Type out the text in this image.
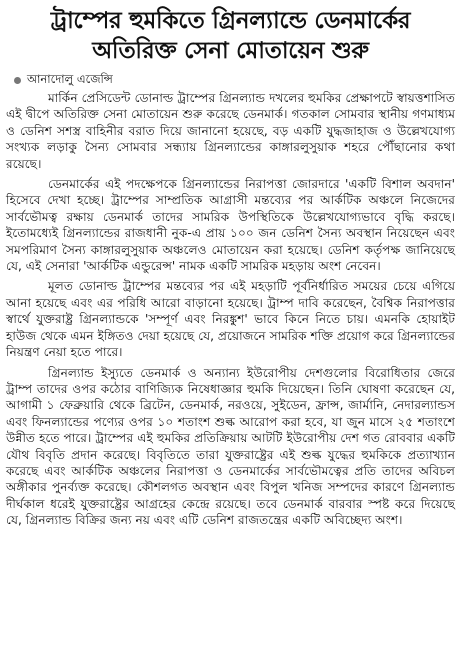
ট্রাম্পের হুমকিতে গ্রিনল্যান্ডে ডেনমার্কের
অতিরিক্ত সেনা মোতায়েন শুরু
আনাদোলু এজেন্সি

মার্কিন প্রেসিডেন্ট ডোনাল্ড ট্রাম্পের গ্রিনল্যান্ড দখলের হুমকির প্রেক্ষাপটে স্বায়ত্তশাসিত এই দ্বীপে অতিরিক্ত সেনা মোতায়েন শুরু করেছে ডেনমার্ক। গতকাল সোমবার স্থানীয় গণমাধ্যম ও ডেনিশ সশস্ত্র বাহিনীর বরাত দিয়ে জানানো হয়েছে, বড় একটি যুদ্ধজাহাজ ও উল্লেখযোগ্য সংখ্যক লড়াকু সৈন্য সোমবার সন্ধ্যায় গ্রিনল্যান্ডের কাঙ্গারলুসুয়াক শহরে পৌঁছানোর কথা রয়েছে।

ডেনমার্কের এই পদক্ষেপকে গ্রিনল্যান্ডের নিরাপত্তা জোরদারে 'একটি বিশাল অবদান' হিসেবে দেখা হচ্ছে। ট্রাম্পের সাম্প্রতিক আগ্রাসী মন্তব্যের পর আর্কটিক অঞ্চলে নিজেদের সার্বভৌমত্ব রক্ষায় ডেনমার্ক তাদের সামরিক উপস্থিতিকে উল্লেখযোগ্যভাবে বৃদ্ধি করছে। ইতোমধ্যেই গ্রিনল্যান্ডের রাজধানী নুক-এ প্রায় ১০০ জন ডেনিশ সৈন্য অবস্থান নিয়েছেন এবং সমপরিমাণ সৈন্য কাঙ্গারলুসুয়াক অঞ্চলেও মোতায়েন করা হয়েছে। ডেনিশ কর্তৃপক্ষ জানিয়েছে যে, এই সেনারা 'আর্কটিক এন্ডুরেন্স' নামক একটি সামরিক মহড়ায় অংশ নেবেন।

মূলত ডোনাল্ড ট্রাম্পের মন্তব্যের পর এই মহড়াটি পূর্বনির্ধারিত সময়ের চেয়ে এগিয়ে আনা হয়েছে এবং এর পরিধি আরো বাড়ানো হয়েছে। ট্রাম্প দাবি করেছেন, বৈশ্বিক নিরাপত্তার স্বার্থে যুক্তরাষ্ট্র গ্রিনল্যান্ডকে 'সম্পূর্ণ এবং নিরঙ্কুশ' ভাবে কিনে নিতে চায়। এমনকি হোয়াইট হাউজ থেকে এমন ইঙ্গিতও দেয়া হয়েছে যে, প্রয়োজনে সামরিক শক্তি প্রয়োগ করে গ্রিনল্যান্ডের নিয়ন্ত্রণ নেয়া হতে পারে।

গ্রিনল্যান্ড ইস্যুতে ডেনমার্ক ও অন্যান্য ইউরোপীয় দেশগুলোর বিরোধিতার জেরে ট্রাম্প তাদের ওপর কঠোর বাণিজ্যিক নিষেধাজ্ঞার হুমকি দিয়েছেন। তিনি ঘোষণা করেছেন যে, আগামী ১ ফেব্রুয়ারি থেকে ব্রিটেন, ডেনমার্ক, নরওয়ে, সুইডেন, ফ্রান্স, জার্মানি, নেদারল্যান্ডস এবং ফিনল্যান্ডের পণ্যের ওপর ১০ শতাংশ শুল্ক আরোপ করা হবে, যা জুন মাসে ২৫ শতাংশে উন্নীত হতে পারে। ট্রাম্পের এই হুমকির প্রতিক্রিয়ায় আটটি ইউরোপীয় দেশ গত রোববার একটি যৌথ বিবৃতি প্রদান করেছে। বিবৃতিতে তারা যুক্তরাষ্ট্রের এই শুল্ক যুদ্ধের হুমকিকে প্রত্যাখ্যান করেছে এবং আর্কটিক অঞ্চলের নিরাপত্তা ও ডেনমার্কের সার্বভৌমত্বের প্রতি তাদের অবিচল অঙ্গীকার পুনর্ব্যক্ত করেছে। কৌশলগত অবস্থান এবং বিপুল খনিজ সম্পদের কারণে গ্রিনল্যান্ড দীর্ঘকাল ধরেই যুক্তরাষ্ট্রের আগ্রহের কেন্দ্রে রয়েছে। তবে ডেনমার্ক বারবার স্পষ্ট করে দিয়েছে যে, গ্রিনল্যান্ড বিক্রির জন্য নয় এবং এটি ডেনিশ রাজতন্ত্রের একটি অবিচ্ছেদ্য অংশ।
